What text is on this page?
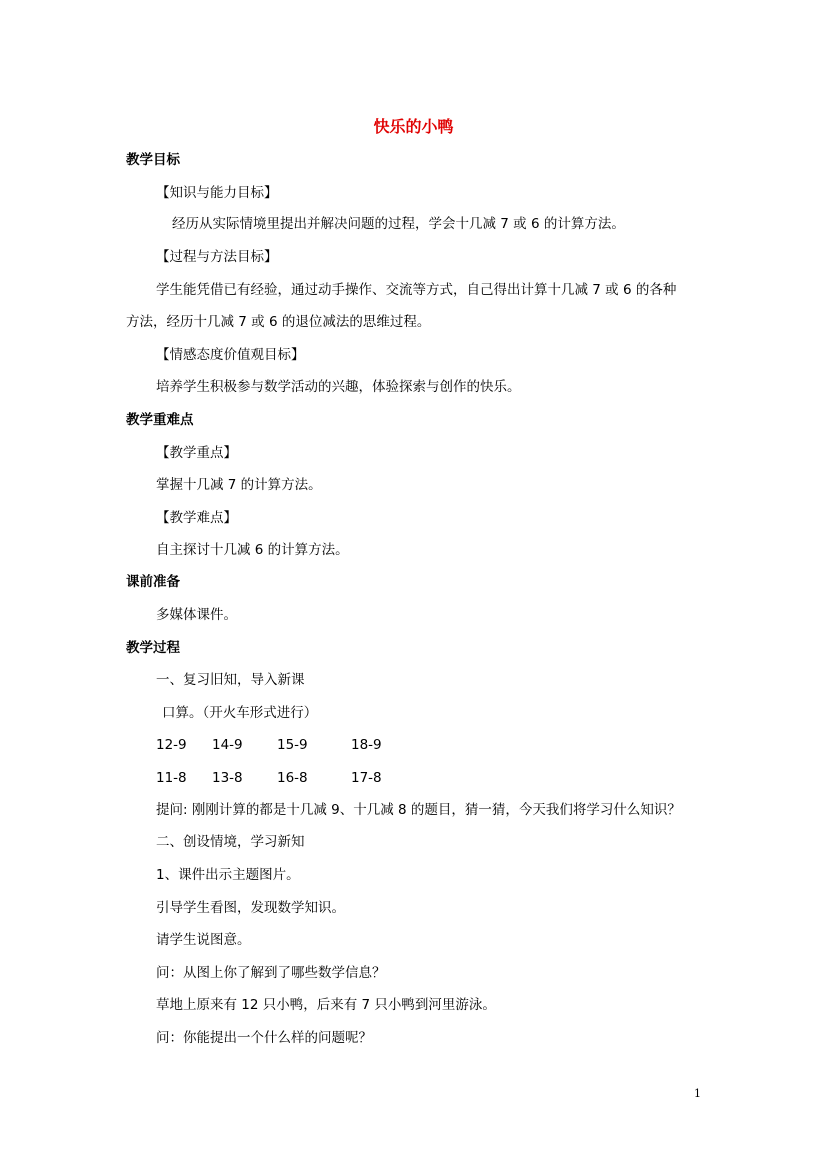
快乐的小鸭
教学目标
【知识与能力目标】
经历从实际情境里提出并解决问题的过程，学会十几减 7 或 6 的计算方法。
【过程与方法目标】
学生能凭借已有经验，通过动手操作、交流等方式，自己得出计算十几减 7 或 6 的各种
方法，经历十几减 7 或 6 的退位减法的思维过程。
【情感态度价值观目标】
培养学生积极参与数学活动的兴趣，体验探索与创作的快乐。
教学重难点
【教学重点】
掌握十几减 7 的计算方法。
【教学难点】
自主探讨十几减 6 的计算方法。
课前准备
多媒体课件。
教学过程
一、复习旧知，导入新课
口算。（开火车形式进行）
12-9 14-9	15-9	18-9
11-8 13-8	16-8	17-8
提问: 刚刚计算的都是十几减 9、十几减 8 的题目，猜一猜，今天我们将学习什么知识？
二、创设情境，学习新知
1、课件出示主题图片。
引导学生看图，发现数学知识。
请学生说图意。
问：从图上你了解到了哪些数学信息？
草地上原来有 12 只小鸭，后来有 7 只小鸭到河里游泳。
问：你能提出一个什么样的问题呢？
1
